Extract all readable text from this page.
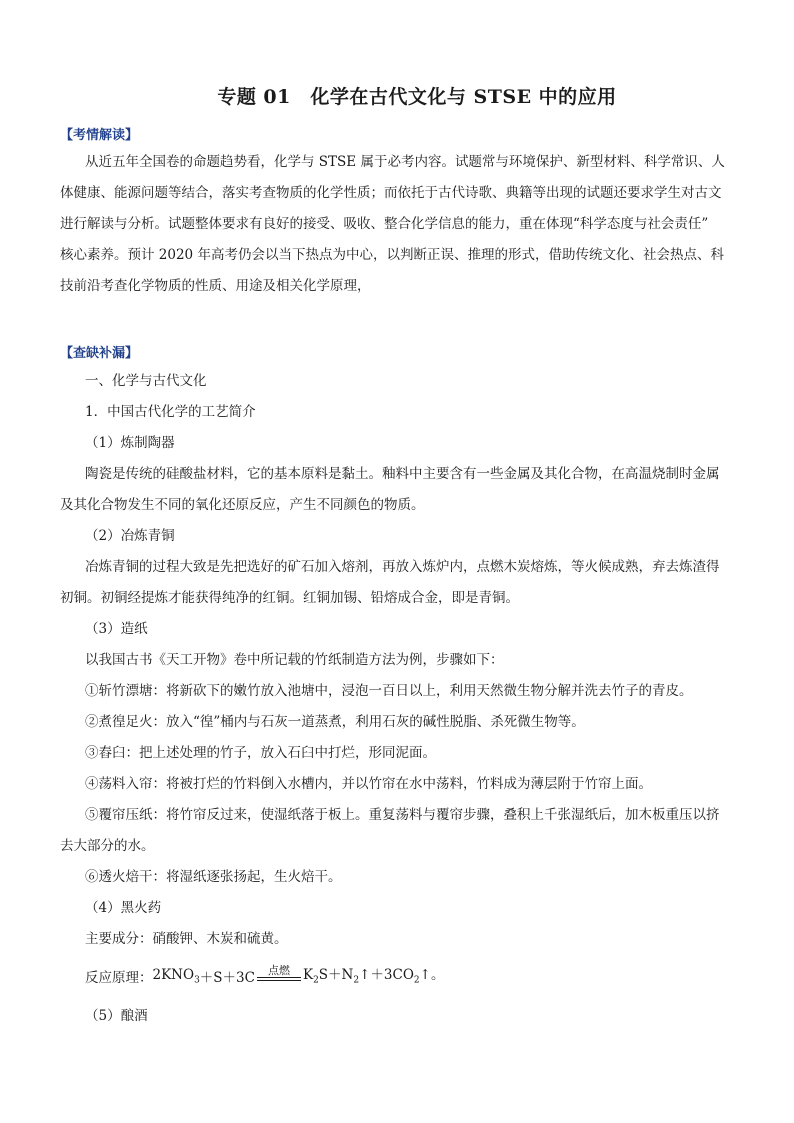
专题 01　化学在古代文化与 STSE 中的应用
【考情解读】
从近五年全国卷的命题趋势看，化学与 STSE 属于必考内容。试题常与环境保护、新型材料、科学常识、人
体健康、能源问题等结合，落实考查物质的化学性质；而依托于古代诗歌、典籍等出现的试题还要求学生对古文
进行解读与分析。试题整体要求有良好的接受、吸收、整合化学信息的能力，重在体现“科学态度与社会责任”
核心素养。预计 2020 年高考仍会以当下热点为中心，以判断正误、推理的形式，借助传统文化、社会热点、科
技前沿考查化学物质的性质、用途及相关化学原理，
【查缺补漏】
一、化学与古代文化
1．中国古代化学的工艺简介
（1）炼制陶器
陶瓷是传统的硅酸盐材料，它的基本原料是黏土。釉料中主要含有一些金属及其化合物，在高温烧制时金属
及其化合物发生不同的氧化还原反应，产生不同颜色的物质。
（2）冶炼青铜
冶炼青铜的过程大致是先把选好的矿石加入熔剂，再放入炼炉内，点燃木炭熔炼，等火候成熟，弃去炼渣得
初铜。初铜经提炼才能获得纯净的红铜。红铜加锡、铅熔成合金，即是青铜。
（3）造纸
以我国古书《天工开物》卷中所记载的竹纸制造方法为例，步骤如下：
①斩竹漂塘：将新砍下的嫩竹放入池塘中，浸泡一百日以上，利用天然微生物分解并洗去竹子的青皮。
②煮徨足火：放入“徨”桶内与石灰一道蒸煮，利用石灰的碱性脱脂、杀死微生物等。
③舂臼：把上述处理的竹子，放入石臼中打烂，形同泥面。
④荡料入帘：将被打烂的竹料倒入水槽内，并以竹帘在水中荡料，竹料成为薄层附于竹帘上面。
⑤覆帘压纸：将竹帘反过来，使湿纸落于板上。重复荡料与覆帘步骤，叠积上千张湿纸后，加木板重压以挤
去大部分的水。
⑥透火焙干：将湿纸逐张扬起，生火焙干。
（4）黑火药
主要成分：硝酸钾、木炭和硫黄。
反应原理： $2KNO_3 +S+3C$ 点燃 $K_2S+N_2↑+3CO_2↑$。
（5）酿酒
